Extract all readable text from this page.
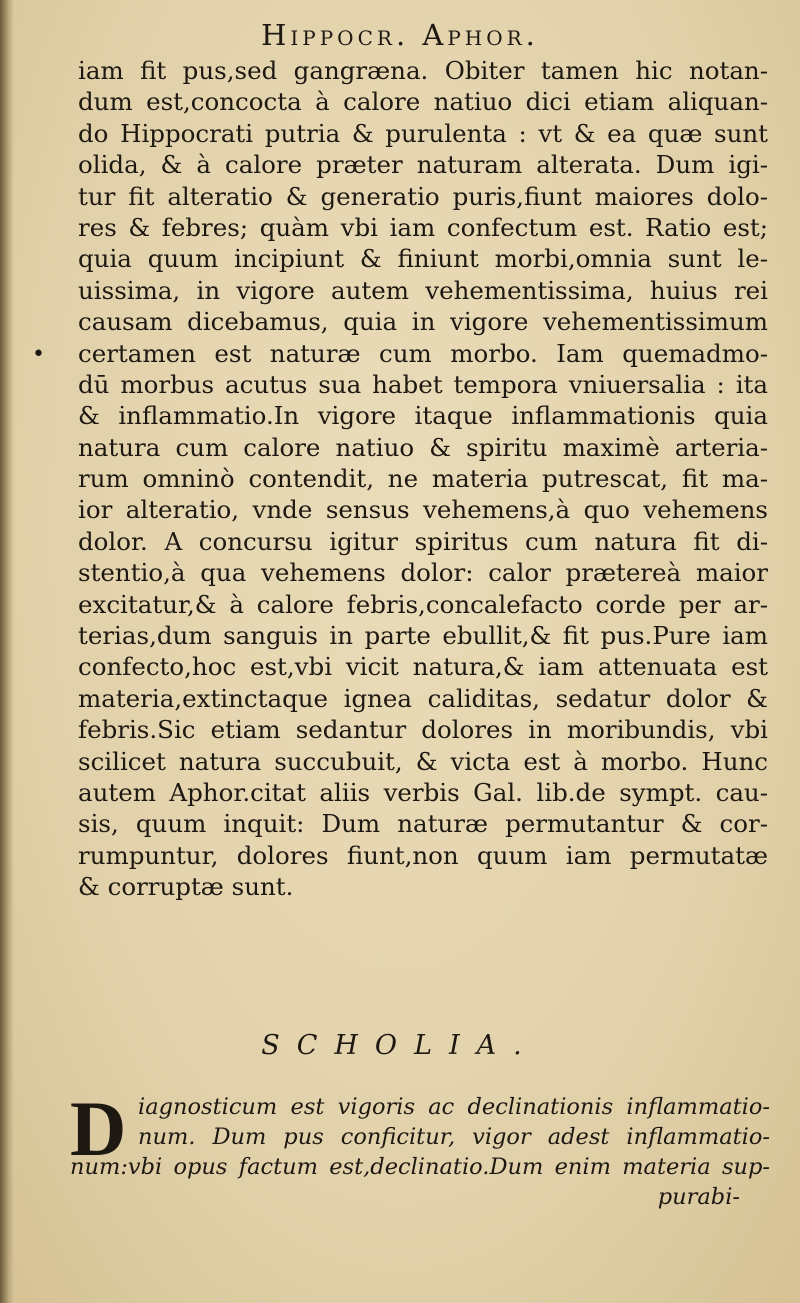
Hippocr. Aphor.
•
iam fit pus,sed gangræna. Obiter tamen hic notan-
dum est,concocta à calore natiuo dici etiam aliquan-
do Hippocrati putria & purulenta : vt & ea quæ sunt
olida, & à calore præter naturam alterata. Dum igi-
tur fit alteratio & generatio puris,fiunt maiores dolo-
res & febres; quàm vbi iam confectum est. Ratio est;
quia quum incipiunt & finiunt morbi,omnia sunt le-
uissima, in vigore autem vehementissima, huius rei
causam dicebamus, quia in vigore vehementissimum
certamen est naturæ cum morbo. Iam quemadmo-
dū morbus acutus sua habet tempora vniuersalia : ita
& inflammatio.In vigore itaque inflammationis quia
natura cum calore natiuo & spiritu maximè arteria-
rum omninò contendit, ne materia putrescat, fit ma-
ior alteratio, vnde sensus vehemens,à quo vehemens
dolor. A concursu igitur spiritus cum natura fit di-
stentio,à qua vehemens dolor: calor prætereà maior
excitatur,& à calore febris,concalefacto corde per ar-
terias,dum sanguis in parte ebullit,& fit pus.Pure iam
confecto,hoc est,vbi vicit natura,& iam attenuata est
materia,extinctaque ignea caliditas, sedatur dolor &
febris.Sic etiam sedantur dolores in moribundis, vbi
scilicet natura succubuit, & victa est à morbo. Hunc
autem Aphor.citat aliis verbis Gal. lib.de sympt. cau-
sis, quum inquit: Dum naturæ permutantur & cor-
rumpuntur, dolores fiunt,non quum iam permutatæ
& corruptæ sunt.
SCHOLIA.
D iagnosticum est vigoris ac declinationis inflammatio-
num. Dum pus conficitur, vigor adest inflammatio-
num:vbi opus factum est,declinatio.Dum enim materia sup-
purabi-
